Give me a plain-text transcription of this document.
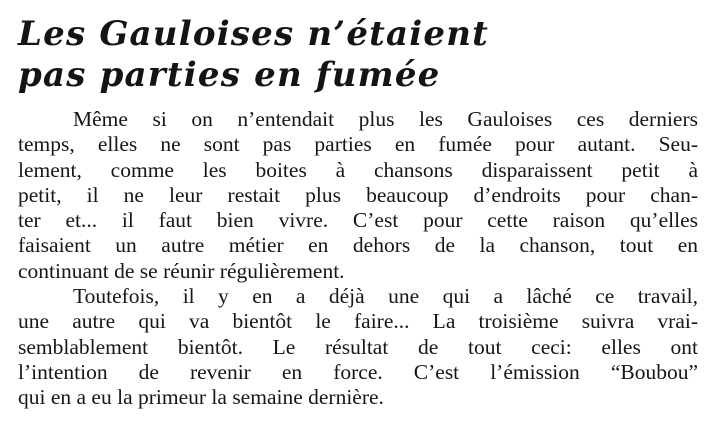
Les Gauloises n’étaient
pas parties en fumée
Même si on n’entendait plus les Gauloises ces derniers
temps, elles ne sont pas parties en fumée pour autant. Seu-
lement, comme les boites à chansons disparaissent petit à
petit, il ne leur restait plus beaucoup d’endroits pour chan-
ter et... il faut bien vivre. C’est pour cette raison qu’elles
faisaient un autre métier en dehors de la chanson, tout en
continuant de se réunir régulièrement.
Toutefois, il y en a déjà une qui a lâché ce travail,
une autre qui va bientôt le faire... La troisième suivra vrai-
semblablement bientôt. Le résultat de tout ceci: elles ont
l’intention de revenir en force. C’est l’émission “Boubou”
qui en a eu la primeur la semaine dernière.
